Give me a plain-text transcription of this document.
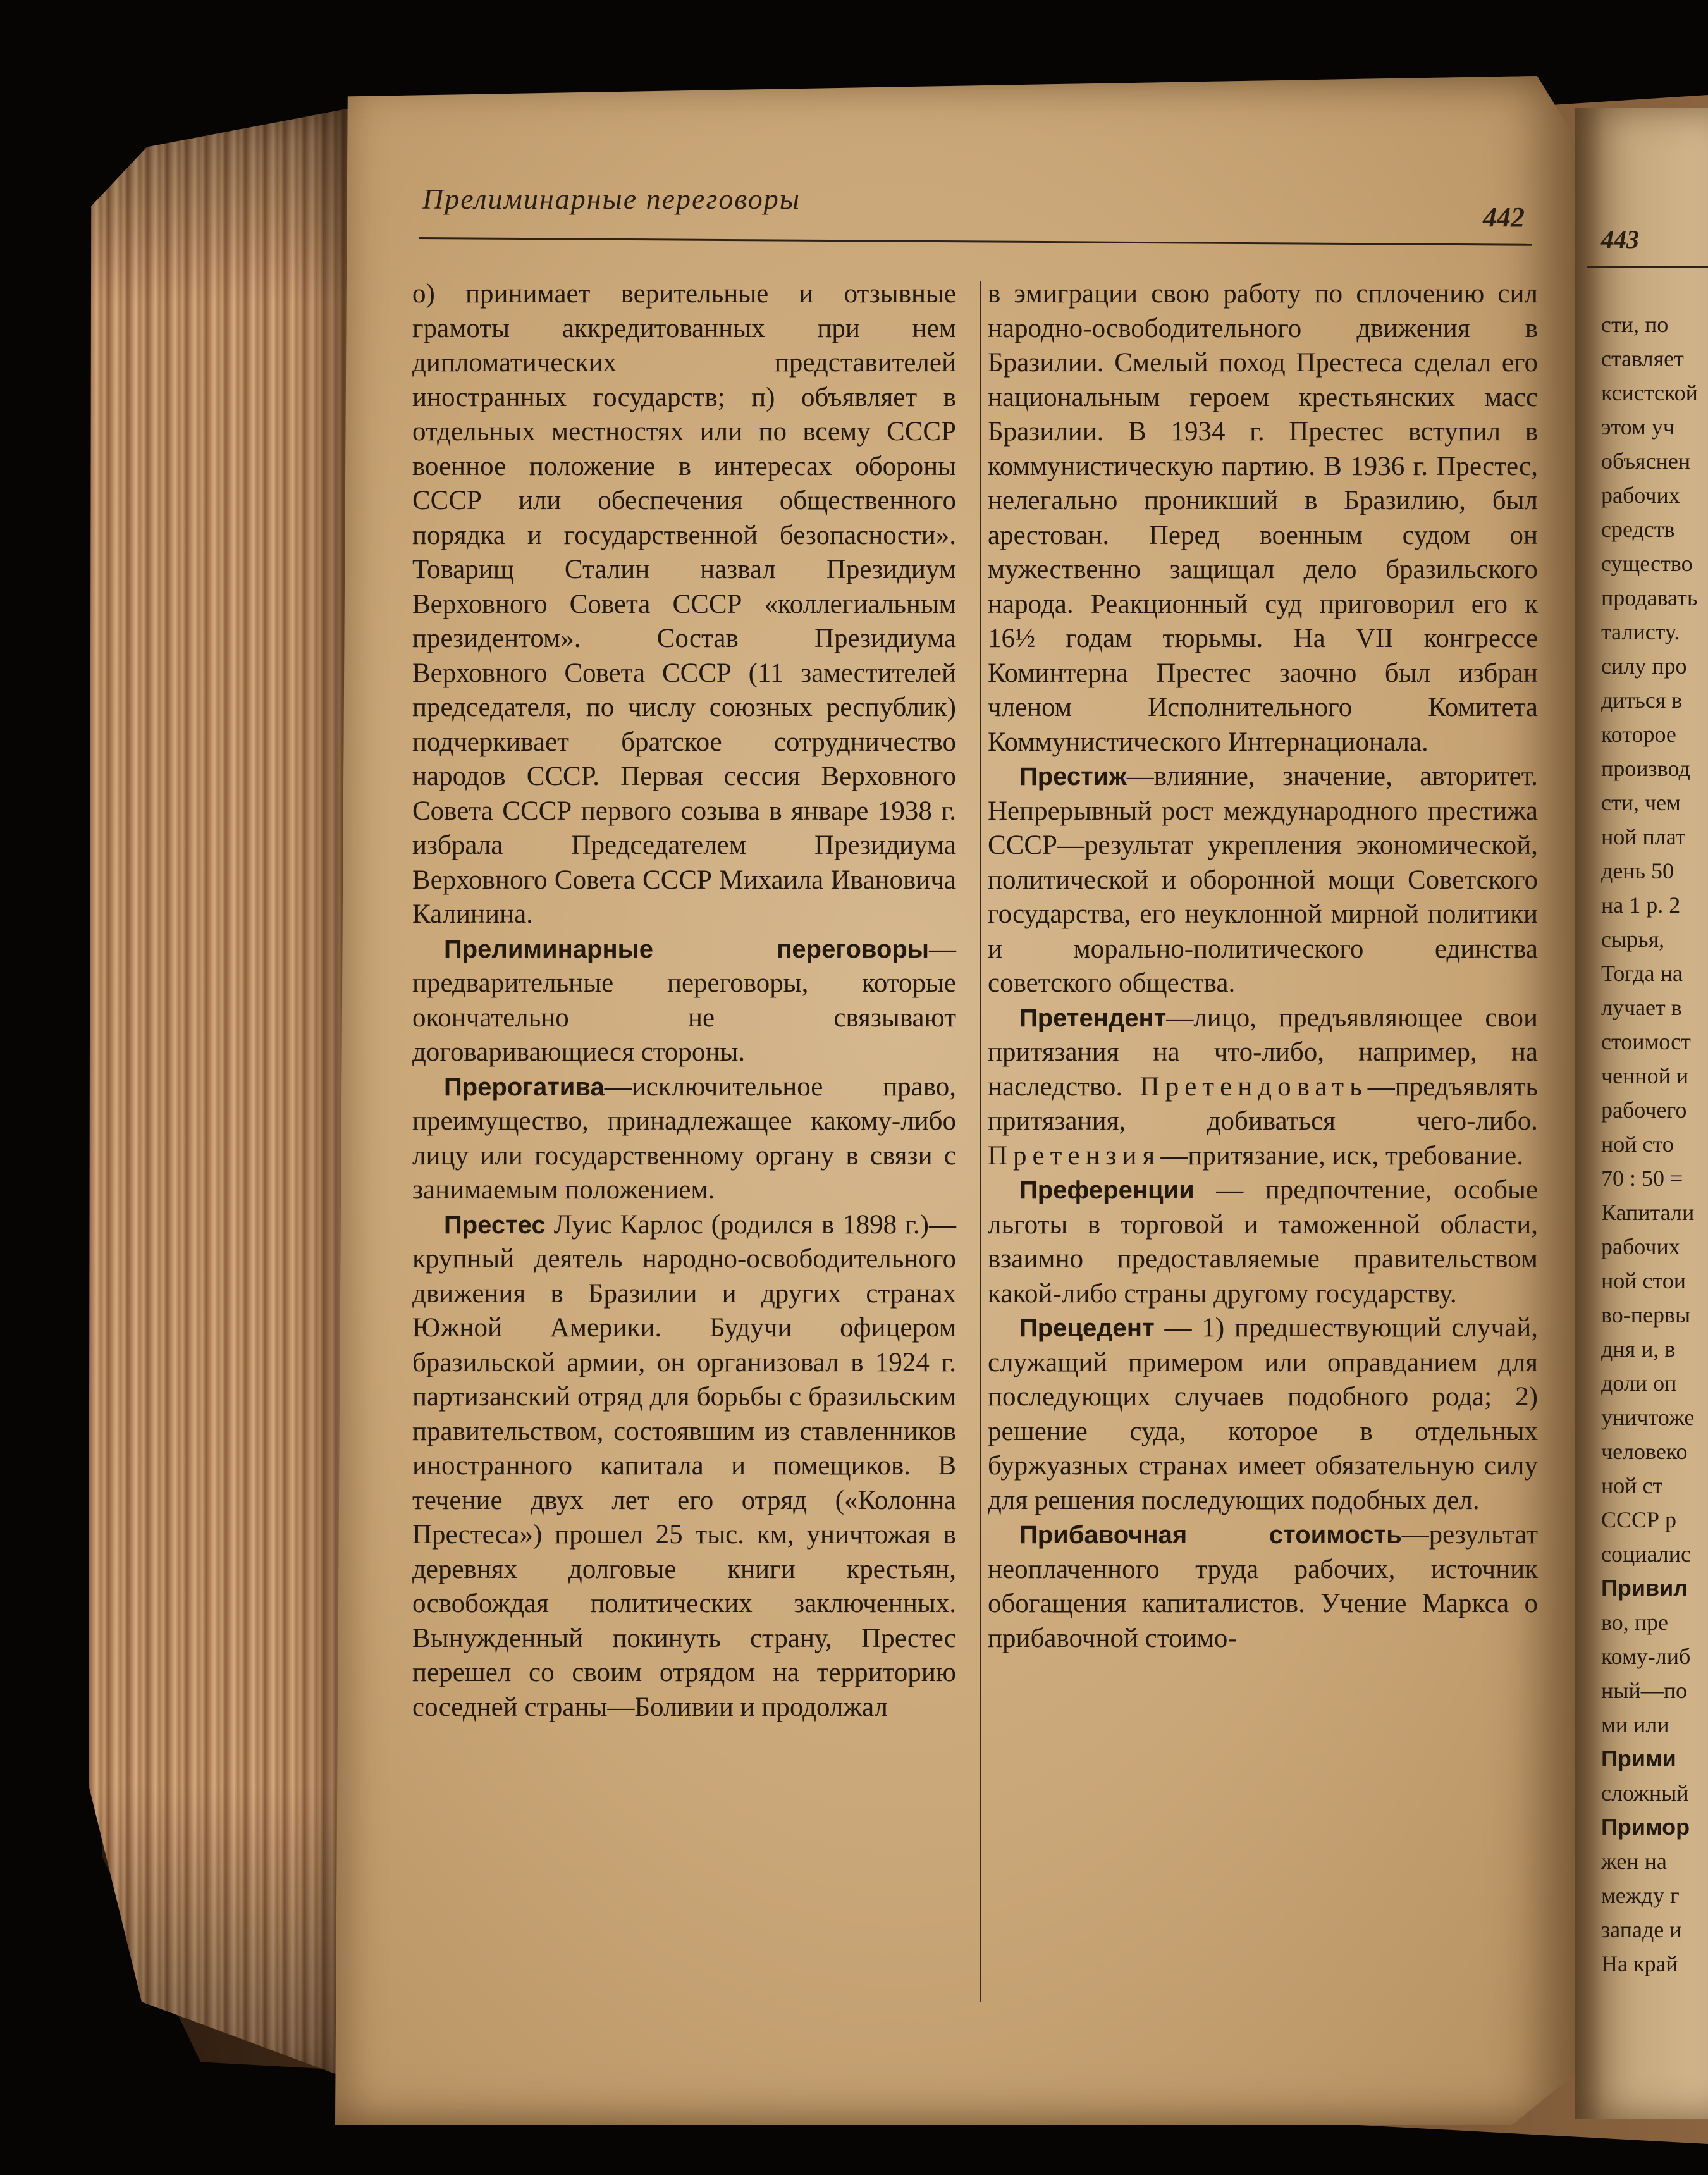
Прелиминарные переговоры
442

о) принимает верительные и отзывные грамоты аккредитованных при нем дипломатических представителей иностранных государств; п) объявляет в отдельных местностях или по всему СССР военное положение в интересах обороны СССР или обеспечения общественного порядка и государственной безопасности». Товарищ Сталин назвал Президиум Верховного Совета СССР «коллегиальным президентом». Состав Президиума Верховного Совета СССР (11 заместителей председателя, по числу союзных республик) подчеркивает братское сотрудничество народов СССР. Первая сессия Верховного Совета СССР первого созыва в январе 1938 г. избрала Председателем Президиума Верховного Совета СССР Михаила Ивановича Калинина.

Прелиминарные переговоры—предварительные переговоры, которые окончательно не связывают договаривающиеся стороны.

Прерогатива—исключительное право, преимущество, принадлежащее какому-либо лицу или государственному органу в связи с занимаемым положением.

Престес Луис Карлос (родился в 1898 г.)—крупный деятель народно-освободительного движения в Бразилии и других странах Южной Америки. Будучи офицером бразильской армии, он организовал в 1924 г. партизанский отряд для борьбы с бразильским правительством, состоявшим из ставленников иностранного капитала и помещиков. В течение двух лет его отряд («Колонна Престеса») прошел 25 тыс. км, уничтожая в деревнях долговые книги крестьян, освобождая политических заключенных. Вынужденный покинуть страну, Престес перешел со своим отрядом на территорию соседней страны—Боливии и продолжал

в эмиграции свою работу по сплочению сил народно-освободительного движения в Бразилии. Смелый поход Престеса сделал его национальным героем крестьянских масс Бразилии. В 1934 г. Престес вступил в коммунистическую партию. В 1936 г. Престес, нелегально проникший в Бразилию, был арестован. Перед военным судом он мужественно защищал дело бразильского народа. Реакционный суд приговорил его к 16½ годам тюрьмы. На VII конгрессе Коминтерна Престес заочно был избран членом Исполнительного Комитета Коммунистического Интернационала.

Престиж—влияние, значение, авторитет. Непрерывный рост международного престижа СССР—результат укрепления экономической, политической и оборонной мощи Советского государства, его неуклонной мирной политики и морально-политического единства советского общества.

Претендент—лицо, предъявляющее свои притязания на что-либо, например, на наследство. Претендовать—предъявлять притязания, добиваться чего-либо. Претензия—притязание, иск, требование.

Преференции — предпочтение, особые льготы в торговой и таможенной области, взаимно предоставляемые правительством какой-либо страны другому государству.

Прецедент — 1) предшествующий случай, служащий примером или оправданием для последующих случаев подобного рода; 2) решение суда, которое в отдельных буржуазных странах имеет обязательную силу для решения последующих подобных дел.

Прибавочная стоимость—результат неоплаченного труда рабочих, источник обогащения капиталистов. Учение Маркса о прибавочной стоимо-

443
сти, по
ставляет
ксистской
этом уч
объяснен
рабочих
средств
существо
продавать
талисту.
силу про
диться в
которое
производ
сти, чем
ной плат
день 50
на 1 р. 2
сырья,
Тогда на
лучает в
стоимост
ченной и
рабочего
ной сто
70 : 50 =
Капитали
рабочих
ной стои
во-первы
дня и, в
доли оп
уничтоже
человеко
ной ст
СССР р
социалис
Привил
во, пре
кому-либ
ный—по
ми или
Прими
сложный
Примор
жен на
между г
западе и
На край
